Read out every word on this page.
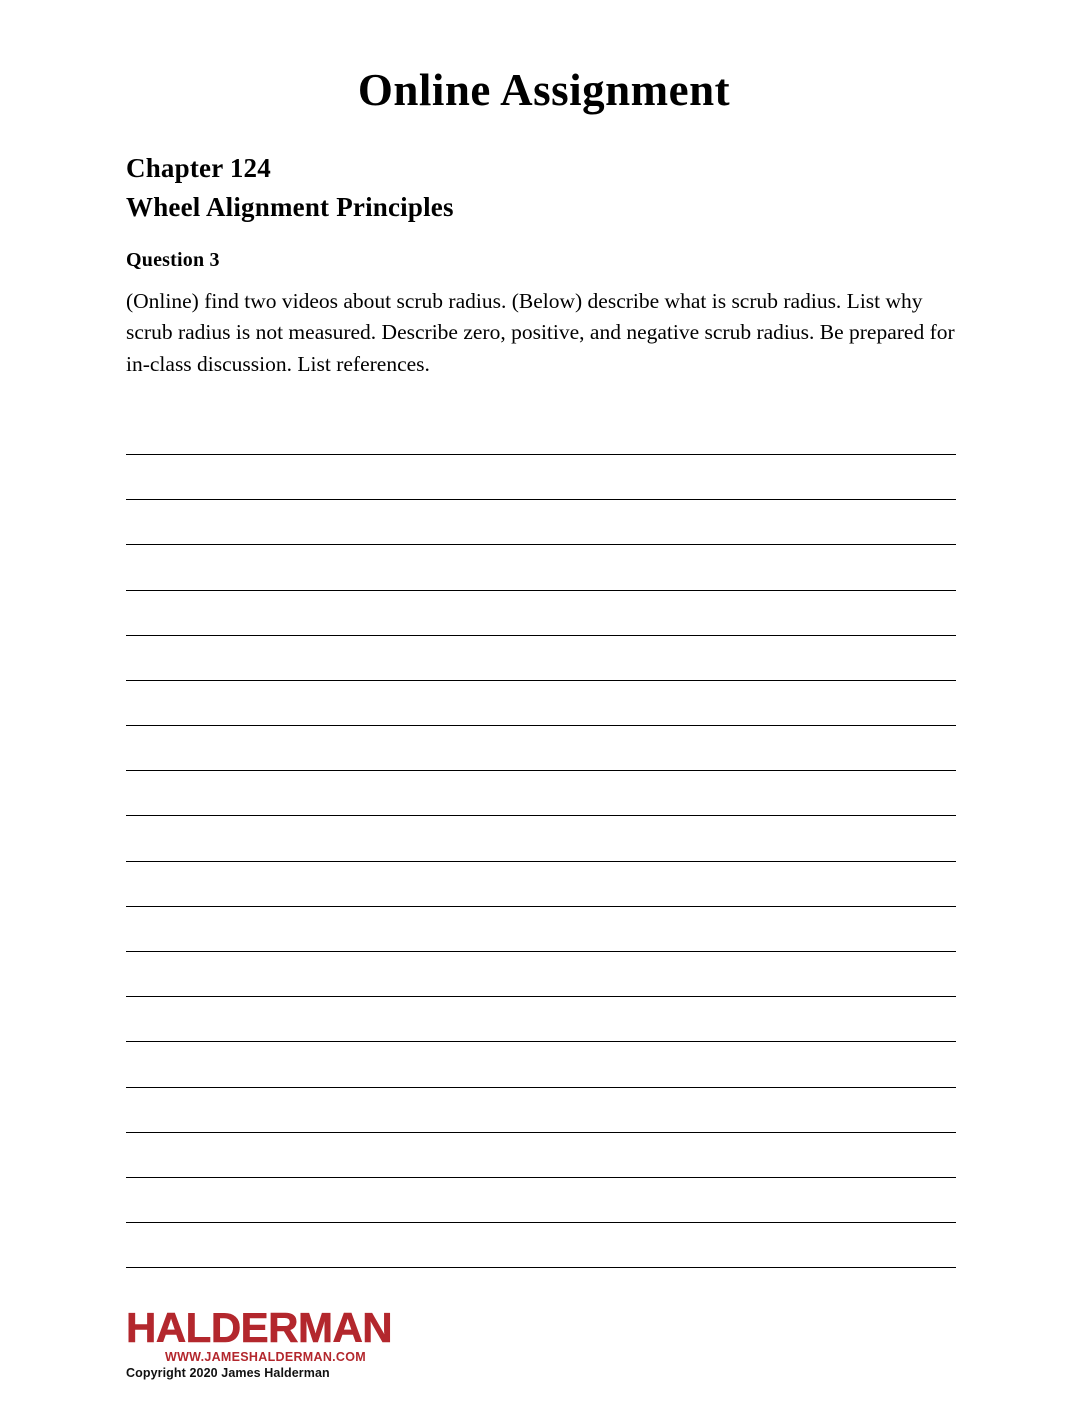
Online Assignment
Chapter 124
Wheel Alignment Principles
Question 3
(Online) find two videos about scrub radius. (Below) describe what is scrub radius. List why scrub radius is not measured. Describe zero, positive, and negative scrub radius. Be prepared for in-class discussion. List references.
HALDERMAN
WWW.JAMESHALDERMAN.COM
Copyright 2020 James Halderman
